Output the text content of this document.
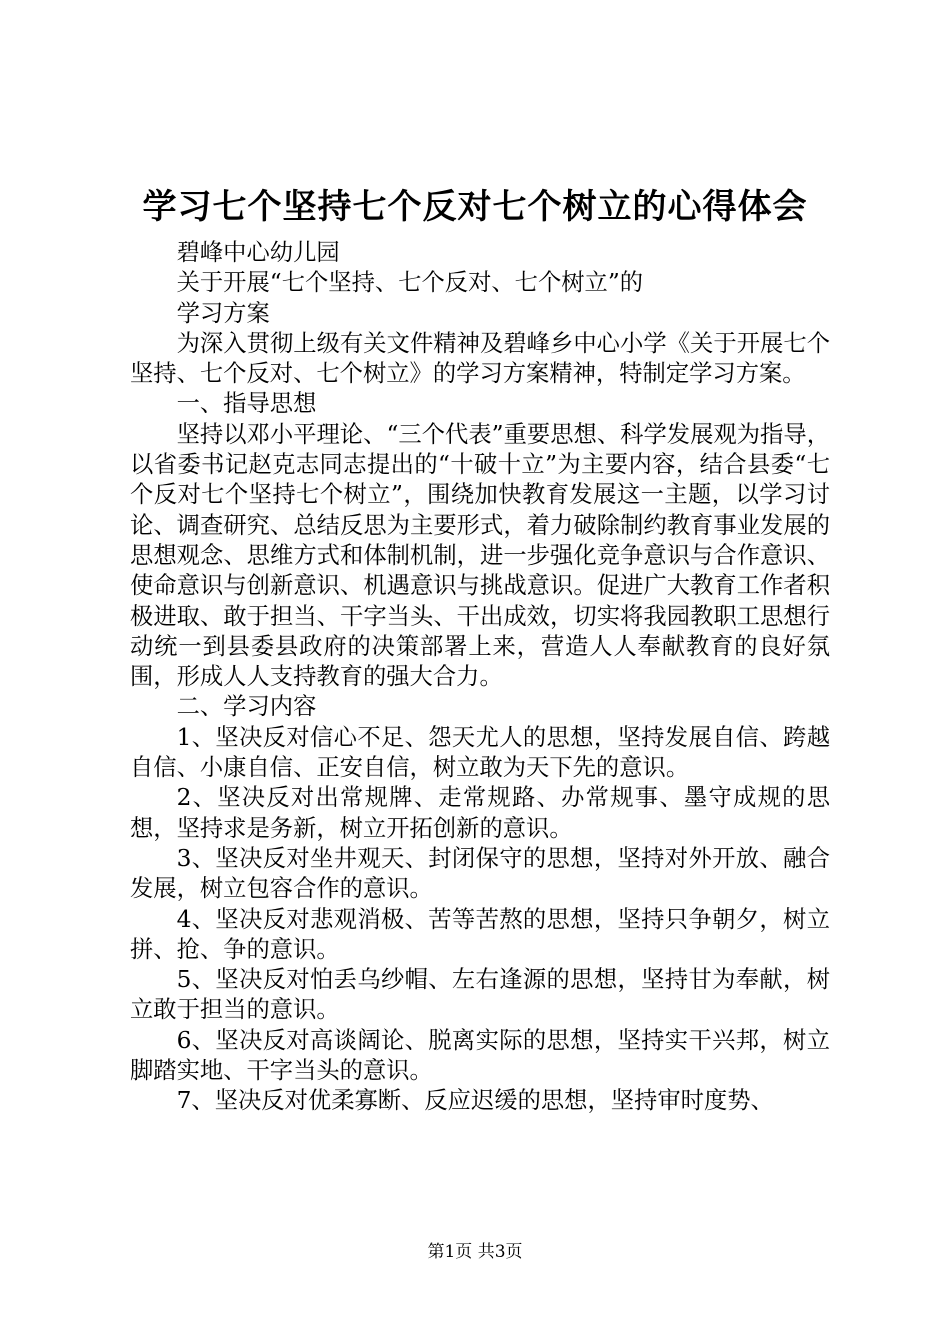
学习七个坚持七个反对七个树立的心得体会

碧峰中心幼儿园

关于开展“七个坚持、七个反对、七个树立”的

学习方案

为深入贯彻上级有关文件精神及碧峰乡中心小学《关于开展七个坚持、七个反对、七个树立》的学习方案精神，特制定学习方案。

一、指导思想

坚持以邓小平理论、“三个代表”重要思想、科学发展观为指导，以省委书记赵克志同志提出的“十破十立”为主要内容，结合县委“七个反对七个坚持七个树立”，围绕加快教育发展这一主题，以学习讨论、调查研究、总结反思为主要形式，着力破除制约教育事业发展的思想观念、思维方式和体制机制，进一步强化竞争意识与合作意识、使命意识与创新意识、机遇意识与挑战意识。促进广大教育工作者积极进取、敢于担当、干字当头、干出成效，切实将我园教职工思想行动统一到县委县政府的决策部署上来，营造人人奉献教育的良好氛围，形成人人支持教育的强大合力。

二、学习内容

1、坚决反对信心不足、怨天尤人的思想，坚持发展自信、跨越自信、小康自信、正安自信，树立敢为天下先的意识。

2、坚决反对出常规牌、走常规路、办常规事、墨守成规的思想，坚持求是务新，树立开拓创新的意识。

3、坚决反对坐井观天、封闭保守的思想，坚持对外开放、融合发展，树立包容合作的意识。

4、坚决反对悲观消极、苦等苦熬的思想，坚持只争朝夕，树立拼、抢、争的意识。

5、坚决反对怕丢乌纱帽、左右逢源的思想，坚持甘为奉献，树立敢于担当的意识。

6、坚决反对高谈阔论、脱离实际的思想，坚持实干兴邦，树立脚踏实地、干字当头的意识。

7、坚决反对优柔寡断、反应迟缓的思想，坚持审时度势、

第1页 共3页
